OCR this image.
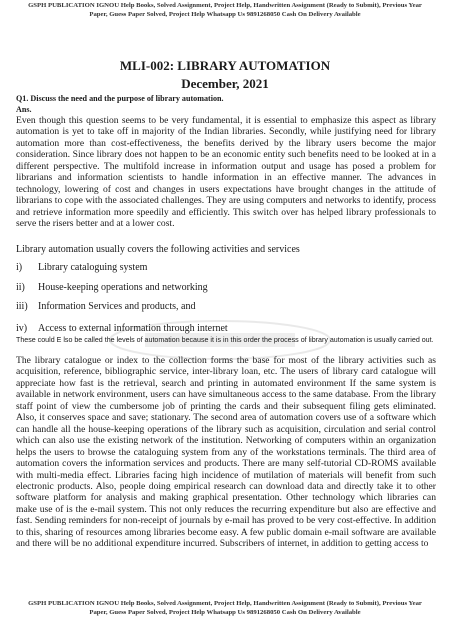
GSPH PUBLICATION IGNOU Help Books, Solved Assignment, Project Help, Handwritten Assignment (Ready to Submit), Previous Year Paper, Guess Paper Solved, Project Help Whatsapp Us 9891268050 Cash On Delivery Available
MLI-002: LIBRARY AUTOMATION
December, 2021
Q1. Discuss the need and the purpose of library automation.
Ans.
Even though this question seems to be very fundamental, it is essential to emphasize this aspect as library automation is yet to take off in majority of the Indian libraries. Secondly, while justifying need for library automation more than cost-effectiveness, the benefits derived by the library users become the major consideration. Since library does not happen to be an economic entity such benefits need to be looked at in a different perspective. The multifold increase in information output and usage has posed a problem for librarians and information scientists to handle information in an effective manner. The advances in technology, lowering of cost and changes in users expectations have brought changes in the attitude of librarians to cope with the associated challenges. They are using computers and networks to identify, process and retrieve information more speedily and efficiently. This switch over has helped library professionals to serve the risers better and at a lower cost.
Library automation usually covers the following activities and services
i) Library cataloguing system
ii) House-keeping operations and networking
iii) Information Services and products, and
iv) Access to external information through internet
These could E lso be called the levels of automation because it is in this order the process of library automation is usually carried out.
The library catalogue or index to the collection forms the base for most of the library activities such as acquisition, reference, bibliographic service, inter-library loan, etc. The users of library card catalogue will appreciate how fast is the retrieval, search and printing in automated environment If the same system is available in network environment, users can have simultaneous access to the same database. From the library staff point of view the cumbersome job of printing the cards and their subsequent filing gets eliminated. Also, it conserves space and save; stationary. The second area of automation covers use of a software which can handle all the house-keeping operations of the library such as acquisition, circulation and serial control which can also use the existing network of the institution. Networking of computers within an organization helps the users to browse the cataloguing system from any of the workstations terminals. The third area of automation covers the information services and products. There are many self-tutorial CD-ROMS available with multi-media effect. Libraries facing high incidence of mutilation of materials will benefit from such electronic products. Also, people doing empirical research can download data and directly take it to other software platform for analysis and making graphical presentation. Other technology which libraries can make use of is the e-mail system. This not only reduces the recurring expenditure but also are effective and fast. Sending reminders for non-receipt of journals by e-mail has proved to be very cost-effective. In addition to this, sharing of resources among libraries become easy. A few public domain e-mail software are available and there will be no additional expenditure incurred. Subscribers of internet, in addition to getting access to
GSPH PUBLICATION IGNOU Help Books, Solved Assignment, Project Help, Handwritten Assignment (Ready to Submit), Previous Year Paper, Guess Paper Solved, Project Help Whatsapp Us 9891268050 Cash On Delivery Available
